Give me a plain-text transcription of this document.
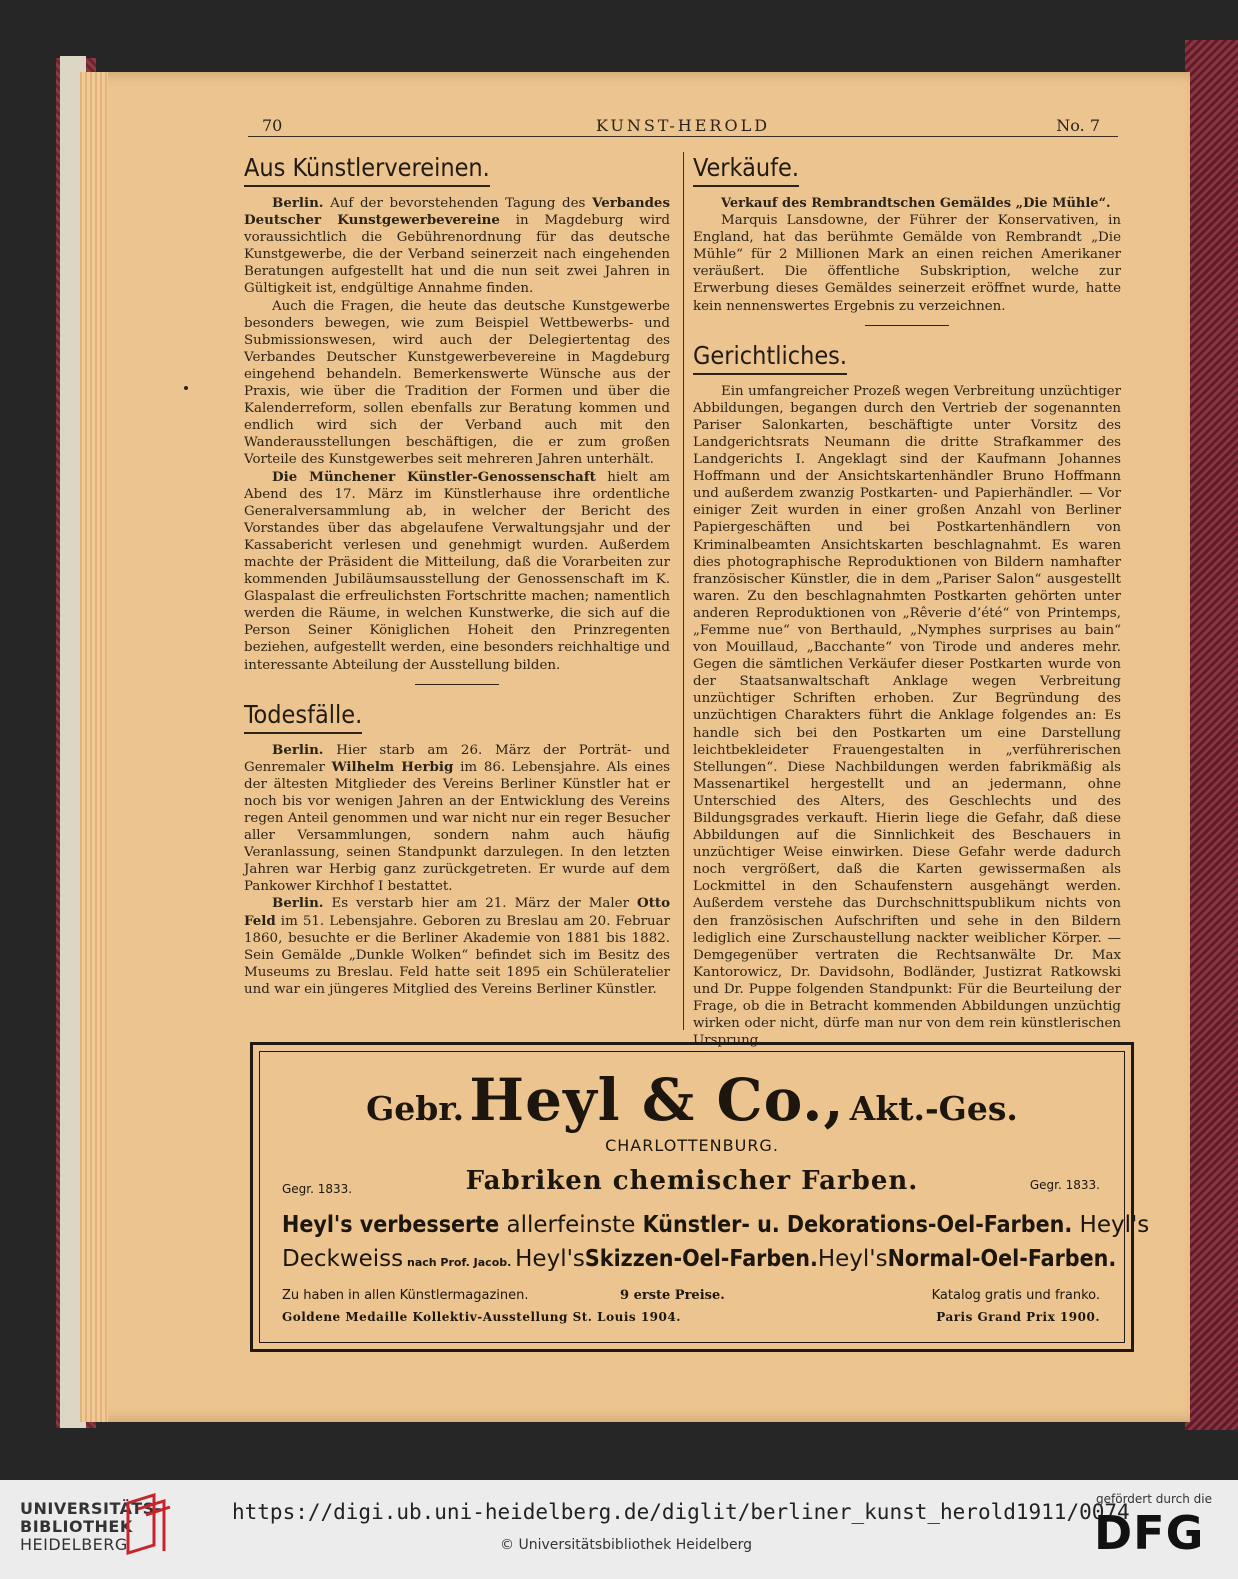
70	KUNST-HEROLD	No. 7
Aus Künstlervereinen.

Berlin. Auf der bevorstehenden Tagung des Verbandes Deutscher Kunstgewerbevereine in Magdeburg wird voraussichtlich die Gebührenordnung für das deutsche Kunstgewerbe, die der Verband seinerzeit nach eingehenden Beratungen aufgestellt hat und die nun seit zwei Jahren in Gültigkeit ist, endgültige Annahme finden.

Auch die Fragen, die heute das deutsche Kunstgewerbe besonders bewegen, wie zum Beispiel Wettbewerbs- und Submissionswesen, wird auch der Delegiertentag des Verbandes Deutscher Kunstgewerbevereine in Magdeburg eingehend behandeln. Bemerkenswerte Wünsche aus der Praxis, wie über die Tradition der Formen und über die Kalenderreform, sollen ebenfalls zur Beratung kommen und endlich wird sich der Verband auch mit den Wanderausstellungen beschäftigen, die er zum großen Vorteile des Kunstgewerbes seit mehreren Jahren unterhält.

Die Münchener Künstler-Genossenschaft hielt am Abend des 17. März im Künstlerhause ihre ordentliche Generalversammlung ab, in welcher der Bericht des Vorstandes über das abgelaufene Verwaltungsjahr und der Kassabericht verlesen und genehmigt wurden. Außerdem machte der Präsident die Mitteilung, daß die Vorarbeiten zur kommenden Jubiläumsausstellung der Genossenschaft im K. Glaspalast die erfreulichsten Fortschritte machen; namentlich werden die Räume, in welchen Kunstwerke, die sich auf die Person Seiner Königlichen Hoheit den Prinzregenten beziehen, aufgestellt werden, eine besonders reichhaltige und interessante Abteilung der Ausstellung bilden.

Todesfälle.

Berlin. Hier starb am 26. März der Porträt- und Genremaler Wilhelm Herbig im 86. Lebensjahre. Als eines der ältesten Mitglieder des Vereins Berliner Künstler hat er noch bis vor wenigen Jahren an der Entwicklung des Vereins regen Anteil genommen und war nicht nur ein reger Besucher aller Versammlungen, sondern nahm auch häufig Veranlassung, seinen Standpunkt darzulegen. In den letzten Jahren war Herbig ganz zurückgetreten. Er wurde auf dem Pankower Kirchhof I bestattet.

Berlin. Es verstarb hier am 21. März der Maler Otto Feld im 51. Lebensjahre. Geboren zu Breslau am 20. Februar 1860, besuchte er die Berliner Akademie von 1881 bis 1882. Sein Gemälde „Dunkle Wolken“ befindet sich im Besitz des Museums zu Breslau. Feld hatte seit 1895 ein Schüleratelier und war ein jüngeres Mitglied des Vereins Berliner Künstler.

Verkäufe.

Verkauf des Rembrandtschen Gemäldes „Die Mühle“.

Marquis Lansdowne, der Führer der Konservativen, in England, hat das berühmte Gemälde von Rembrandt „Die Mühle“ für 2 Millionen Mark an einen reichen Amerikaner veräußert. Die öffentliche Subskription, welche zur Erwerbung dieses Gemäldes seinerzeit eröffnet wurde, hatte kein nennenswertes Ergebnis zu verzeichnen.

Gerichtliches.

Ein umfangreicher Prozeß wegen Verbreitung unzüchtiger Abbildungen, begangen durch den Vertrieb der sogenannten Pariser Salonkarten, beschäftigte unter Vorsitz des Landgerichtsrats Neumann die dritte Strafkammer des Landgerichts I. Angeklagt sind der Kaufmann Johannes Hoffmann und der Ansichtskartenhändler Bruno Hoffmann und außerdem zwanzig Postkarten- und Papierhändler. — Vor einiger Zeit wurden in einer großen Anzahl von Berliner Papiergeschäften und bei Postkartenhändlern von Kriminalbeamten Ansichtskarten beschlagnahmt. Es waren dies photographische Reproduktionen von Bildern namhafter französischer Künstler, die in dem „Pariser Salon“ ausgestellt waren. Zu den beschlagnahmten Postkarten gehörten unter anderen Reproduktionen von „Rêverie d’été“ von Printemps, „Femme nue“ von Berthauld, „Nymphes surprises au bain“ von Mouillaud, „Bacchante“ von Tirode und anderes mehr. Gegen die sämtlichen Verkäufer dieser Postkarten wurde von der Staatsanwaltschaft Anklage wegen Verbreitung unzüchtiger Schriften erhoben. Zur Begründung des unzüchtigen Charakters führt die Anklage folgendes an: Es handle sich bei den Postkarten um eine Darstellung leichtbekleideter Frauengestalten in „verführerischen Stellungen“. Diese Nachbildungen werden fabrikmäßig als Massenartikel hergestellt und an jedermann, ohne Unterschied des Alters, des Geschlechts und des Bildungsgrades verkauft. Hierin liege die Gefahr, daß diese Abbildungen auf die Sinnlichkeit des Beschauers in unzüchtiger Weise einwirken. Diese Gefahr werde dadurch noch vergrößert, daß die Karten gewissermaßen als Lockmittel in den Schaufenstern ausgehängt werden. Außerdem verstehe das Durchschnittspublikum nichts von den französischen Aufschriften und sehe in den Bildern lediglich eine Zurschaustellung nackter weiblicher Körper. — Demgegenüber vertraten die Rechtsanwälte Dr. Max Kantorowicz, Dr. Davidsohn, Bodländer, Justizrat Ratkowski und Dr. Puppe folgenden Standpunkt: Für die Beurteilung der Frage, ob die in Betracht kommenden Abbildungen unzüchtig wirken oder nicht, dürfe man nur von dem rein künstlerischen Ursprung

Gebr. Heyl & Co., Akt.-Ges.
CHARLOTTENBURG.
Gegr. 1833.	Fabriken chemischer Farben.	Gegr. 1833.
Heyl's verbesserte allerfeinste Künstler- u. Dekorations-Oel-Farben. Heyl's
Deckweiss nach Prof. Jacob. Heyl'sSkizzen-Oel-Farben.Heyl'sNormal-Oel-Farben.
Zu haben in allen Künstlermagazinen.	9 erste Preise.	Katalog gratis und franko.
Goldene Medaille Kollektiv-Ausstellung St. Louis 1904.	Paris Grand Prix 1900.
UNIVERSITÄTS-
BIBLIOTHEK
HEIDELBERG
https://digi.ub.uni-heidelberg.de/diglit/berliner_kunst_herold1911/0074
© Universitätsbibliothek Heidelberg
gefördert durch die
DFG
